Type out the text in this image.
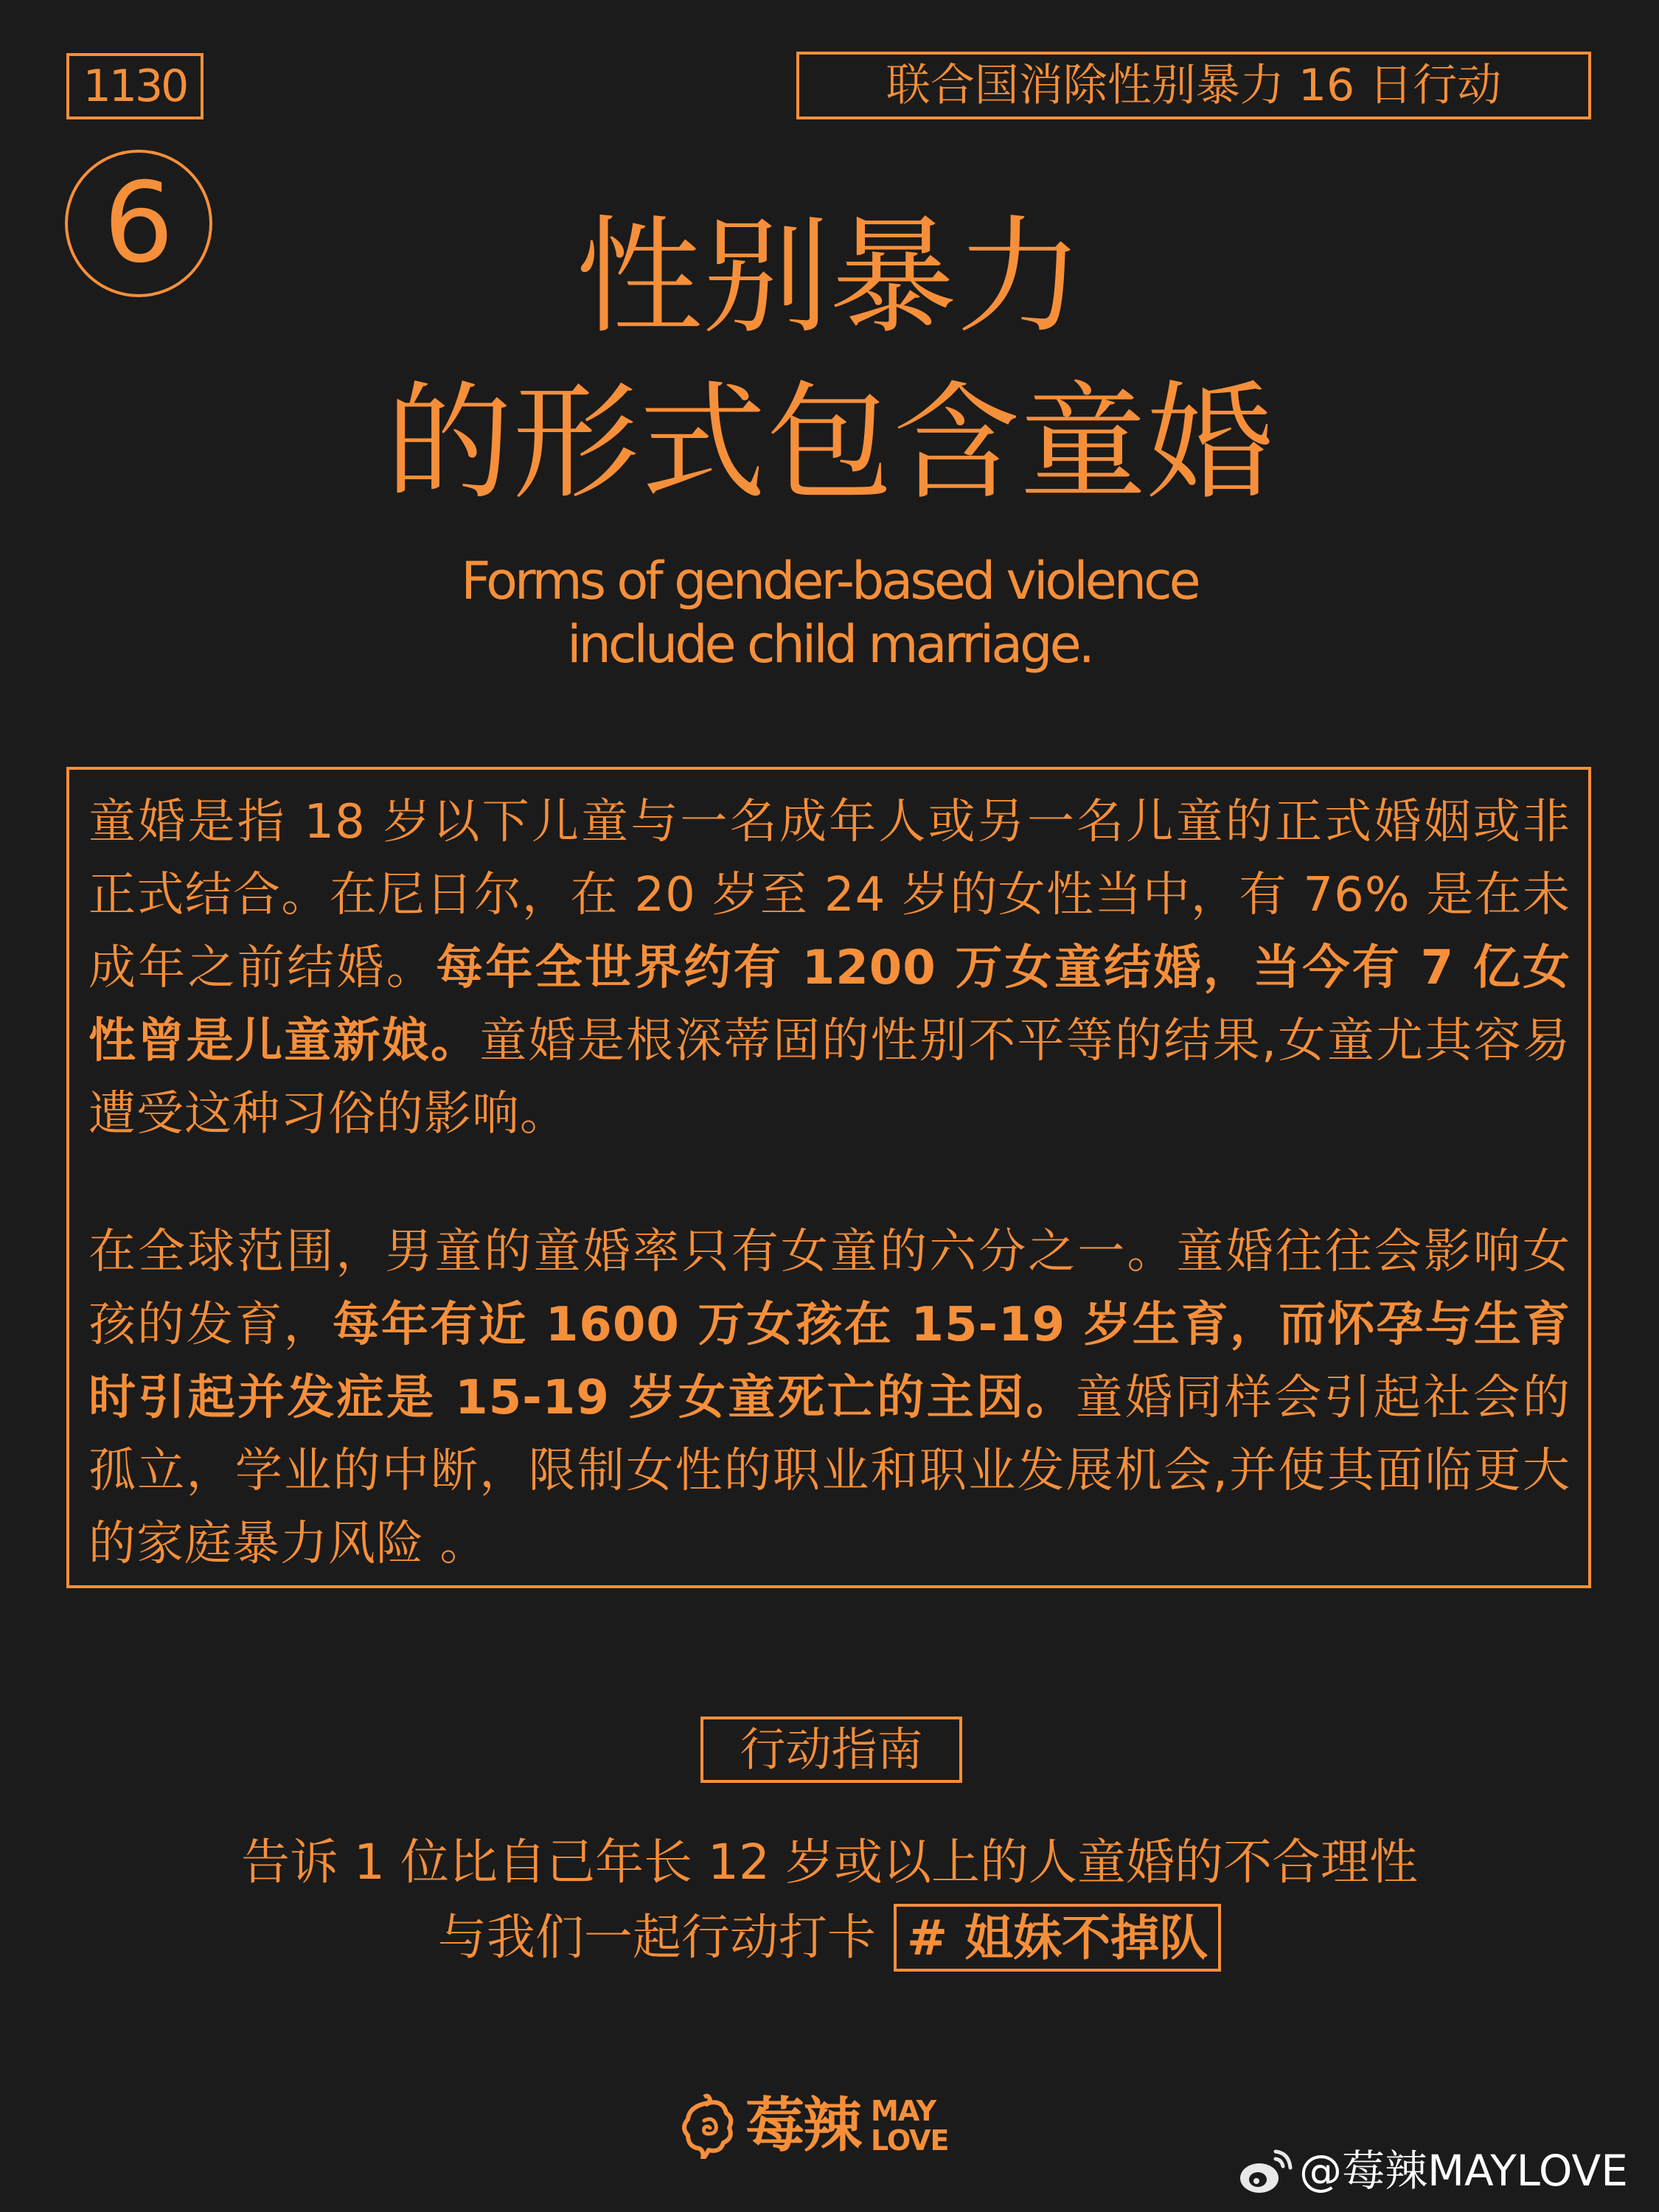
1130	联合国消除性别暴力 16 日行动
6	性别暴力
的形式包含童婚
Forms of gender-based violence
include child marriage.

童婚是指 18 岁以下儿童与一名成年人或另一名儿童的正式婚姻或非正式结合。在尼日尔，在 20 岁至 24 岁的女性当中，有 76% 是在未成年之前结婚。每年全世界约有 1200 万女童结婚，当今有 7 亿女性曾是儿童新娘。童婚是根深蒂固的性别不平等的结果,女童尤其容易遭受这种习俗的影响。

在全球范围，男童的童婚率只有女童的六分之一。童婚往往会影响女孩的发育，每年有近 1600 万女孩在 15-19 岁生育，而怀孕与生育时引起并发症是 15-19 岁女童死亡的主因。童婚同样会引起社会的孤立，学业的中断，限制女性的职业和职业发展机会,并使其面临更大的家庭暴力风险 。

行动指南
告诉 1 位比自己年长 12 岁或以上的人童婚的不合理性
与我们一起行动打卡 # 姐妹不掉队
莓辣 MAY
LOVE
@莓辣MAYLOVE
